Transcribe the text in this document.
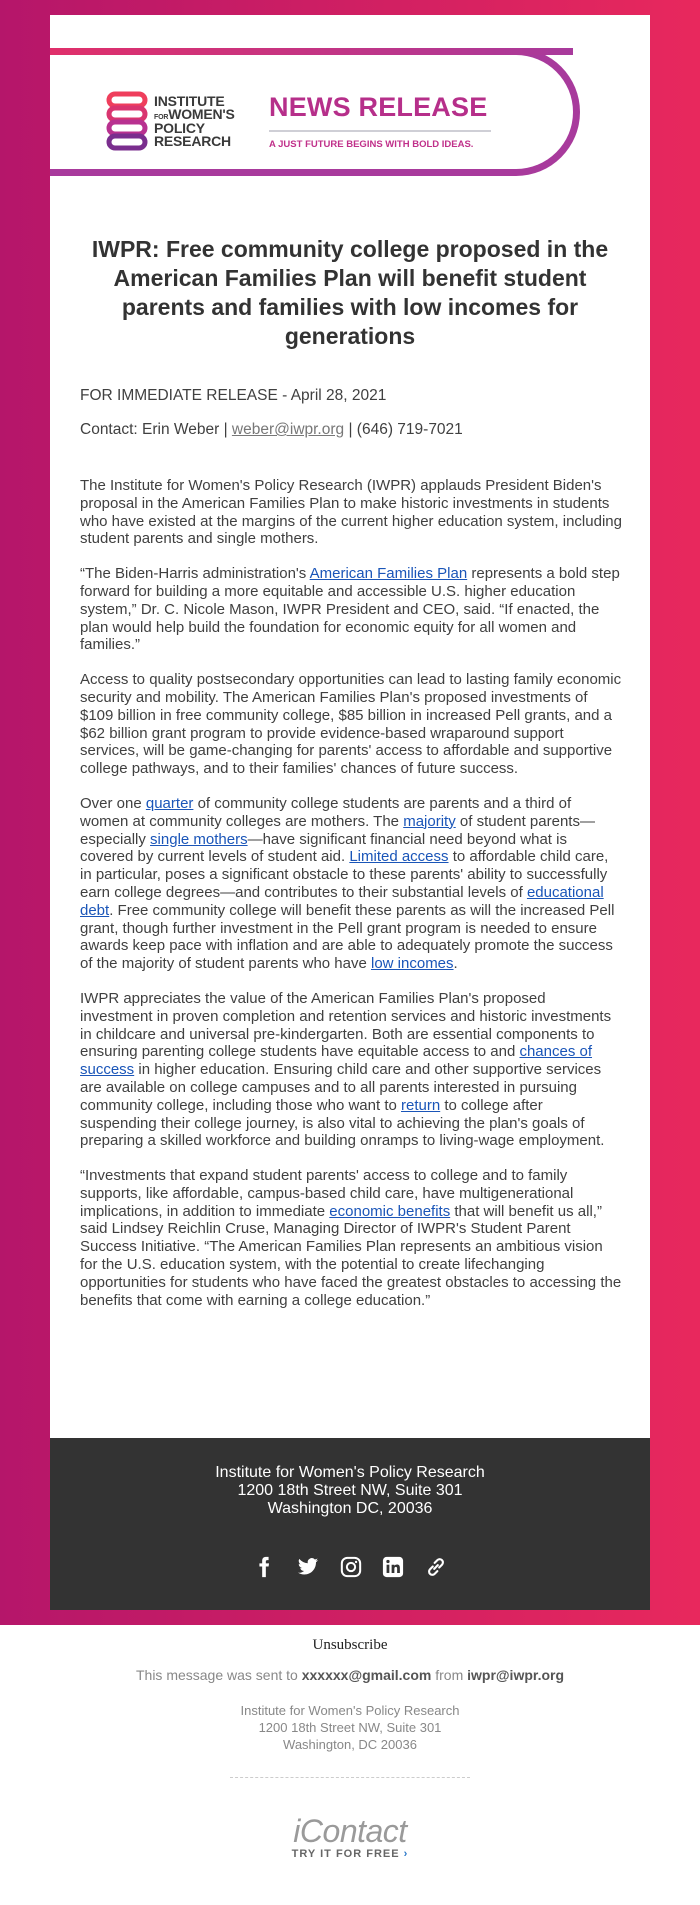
INSTITUTE
FORWOMEN'S
POLICY
RESEARCH
NEWS RELEASE
A JUST FUTURE BEGINS WITH BOLD IDEAS.
IWPR: Free community college proposed in the American Families Plan will benefit student parents and families with low incomes for generations
FOR IMMEDIATE RELEASE - April 28, 2021
Contact: Erin Weber | weber@iwpr.org | (646) 719-7021

The Institute for Women's Policy Research (IWPR) applauds President Biden's proposal in the American Families Plan to make historic investments in students who have existed at the margins of the current higher education system, including student parents and single mothers.

“The Biden-Harris administration's American Families Plan represents a bold step forward for building a more equitable and accessible U.S. higher education system,” Dr. C. Nicole Mason, IWPR President and CEO, said. “If enacted, the plan would help build the foundation for economic equity for all women and families.”

Access to quality postsecondary opportunities can lead to lasting family economic security and mobility. The American Families Plan's proposed investments of $109 billion in free community college, $85 billion in increased Pell grants, and a $62 billion grant program to provide evidence-based wraparound support services, will be game-changing for parents' access to affordable and supportive college pathways, and to their families' chances of future success.

Over one quarter of community college students are parents and a third of women at community colleges are mothers. The majority of student parents—especially single mothers—have significant financial need beyond what is covered by current levels of student aid. Limited access to affordable child care, in particular, poses a significant obstacle to these parents' ability to successfully earn college degrees—and contributes to their substantial levels of educational debt. Free community college will benefit these parents as will the increased Pell grant, though further investment in the Pell grant program is needed to ensure awards keep pace with inflation and are able to adequately promote the success of the majority of student parents who have low incomes.

IWPR appreciates the value of the American Families Plan's proposed investment in proven completion and retention services and historic investments in childcare and universal pre-kindergarten. Both are essential components to ensuring parenting college students have equitable access to and chances of success in higher education. Ensuring child care and other supportive services are available on college campuses and to all parents interested in pursuing community college, including those who want to return to college after suspending their college journey, is also vital to achieving the plan's goals of preparing a skilled workforce and building onramps to living-wage employment.

“Investments that expand student parents' access to college and to family supports, like affordable, campus-based child care, have multigenerational implications, in addition to immediate economic benefits that will benefit us all,” said Lindsey Reichlin Cruse, Managing Director of IWPR's Student Parent Success Initiative. “The American Families Plan represents an ambitious vision for the U.S. education system, with the potential to create lifechanging opportunities for students who have faced the greatest obstacles to accessing the benefits that come with earning a college education.”

Institute for Women's Policy Research
1200 18th Street NW, Suite 301
Washington DC, 20036

Unsubscribe
This message was sent to xxxxxx@gmail.com from iwpr@iwpr.org
Institute for Women's Policy Research
1200 18th Street NW, Suite 301
Washington, DC 20036
iContact
TRY IT FOR FREE ›
